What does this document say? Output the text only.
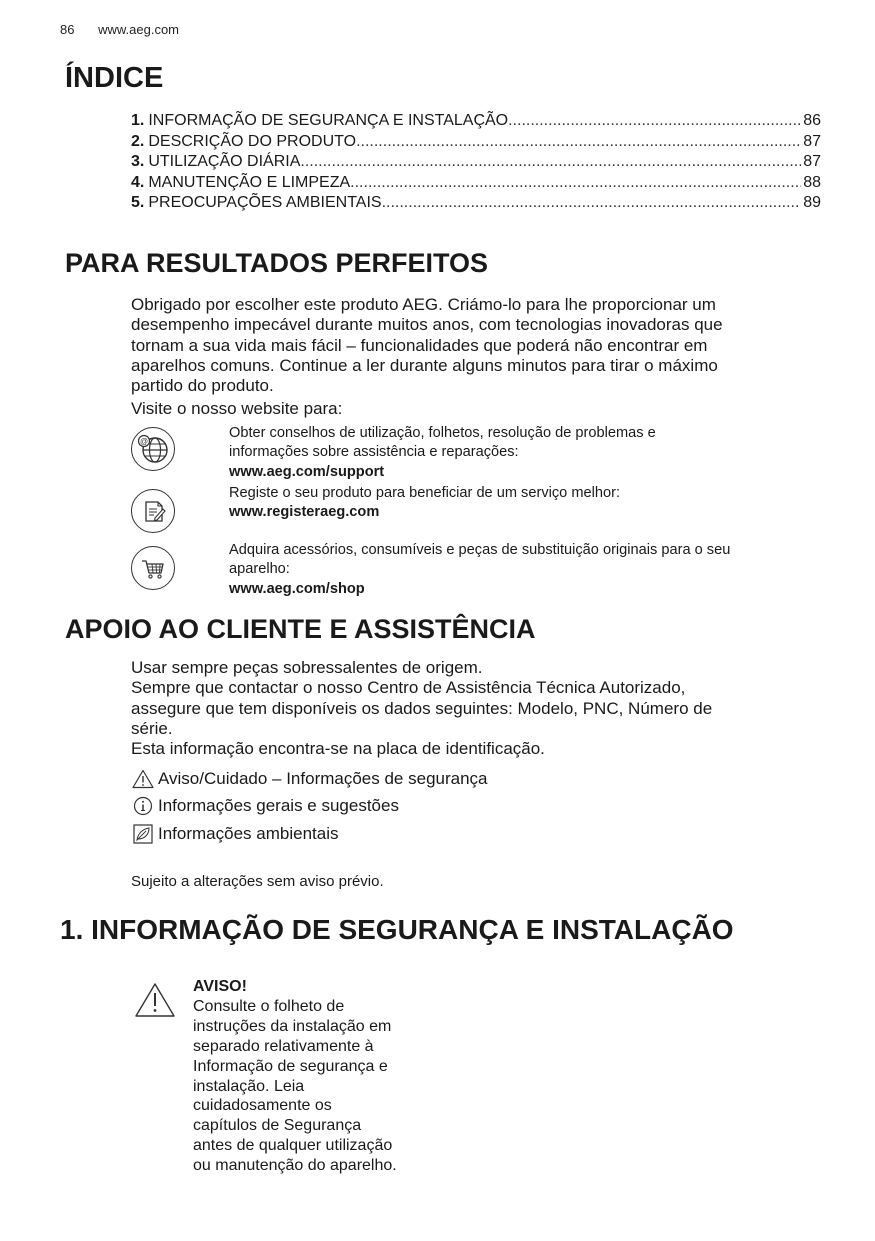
86 www.aeg.com
ÍNDICE
1. INFORMAÇÃO DE SEGURANÇA E INSTALAÇÃO .....	86
2. DESCRIÇÃO DO PRODUTO .....	87
3. UTILIZAÇÃO DIÁRIA .....	87
4. MANUTENÇÃO E LIMPEZA .....	88
5. PREOCUPAÇÕES AMBIENTAIS .....	89
PARA RESULTADOS PERFEITOS
Obrigado por escolher este produto AEG. Criámo-lo para lhe proporcionar um
desempenho impecável durante muitos anos, com tecnologias inovadoras que
tornam a sua vida mais fácil – funcionalidades que poderá não encontrar em
aparelhos comuns. Continue a ler durante alguns minutos para tirar o máximo
partido do produto.
Visite o nosso website para:
@
Obter conselhos de utilização, folhetos, resolução de problemas e
informações sobre assistência e reparações:
www.aeg.com/support
Registe o seu produto para beneficiar de um serviço melhor:
www.registeraeg.com
Adquira acessórios, consumíveis e peças de substituição originais para o seu
aparelho:
www.aeg.com/shop
APOIO AO CLIENTE E ASSISTÊNCIA
Usar sempre peças sobressalentes de origem.
Sempre que contactar o nosso Centro de Assistência Técnica Autorizado,
assegure que tem disponíveis os dados seguintes: Modelo, PNC, Número de
série.
Esta informação encontra-se na placa de identificação.
Aviso/Cuidado – Informações de segurança
Informações gerais e sugestões
Informações ambientais
Sujeito a alterações sem aviso prévio.
1. INFORMAÇÃO DE SEGURANÇA E INSTALAÇÃO
AVISO!
Consulte o folheto de
instruções da instalação em
separado relativamente à
Informação de segurança e
instalação. Leia
cuidadosamente os
capítulos de Segurança
antes de qualquer utilização
ou manutenção do aparelho.
